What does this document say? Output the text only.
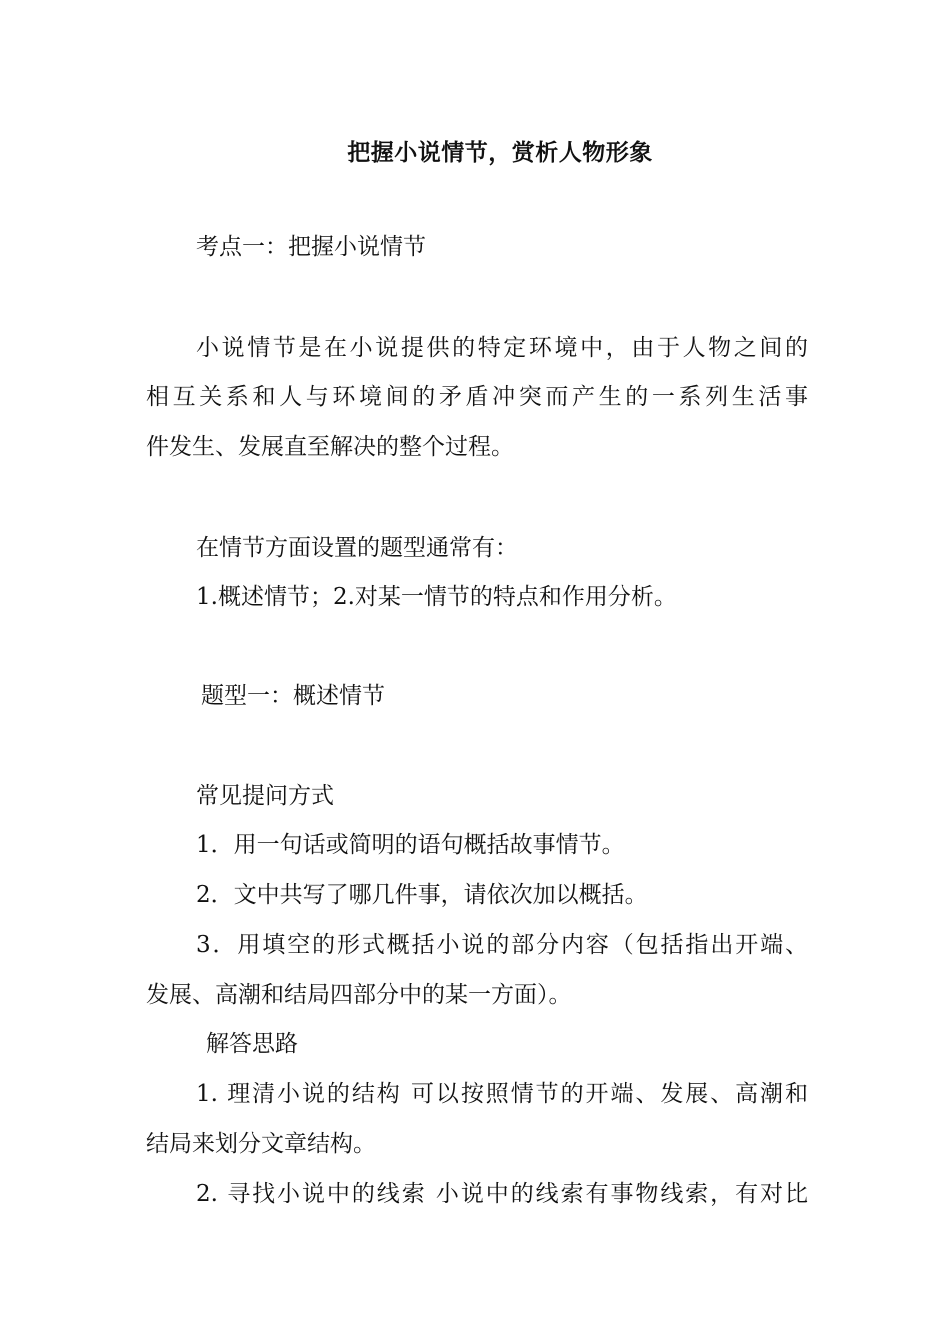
把握小说情节，赏析人物形象
考点一：把握小说情节
小说情节是在小说提供的特定环境中，由于人物之间的
相互关系和人与环境间的矛盾冲突而产生的一系列生活事
件发生、发展直至解决的整个过程。
在情节方面设置的题型通常有：
1.概述情节；2.对某一情节的特点和作用分析。
题型一：概述情节
常见提问方式
1．用一句话或简明的语句概括故事情节。
2．文中共写了哪几件事，请依次加以概括。
3．用填空的形式概括小说的部分内容（包括指出开端、
发展、高潮和结局四部分中的某一方面）。
解答思路
1. 理清小说的结构 可以按照情节的开端、发展、高潮和
结局来划分文章结构。
2. 寻找小说中的线索 小说中的线索有事物线索，有对比
